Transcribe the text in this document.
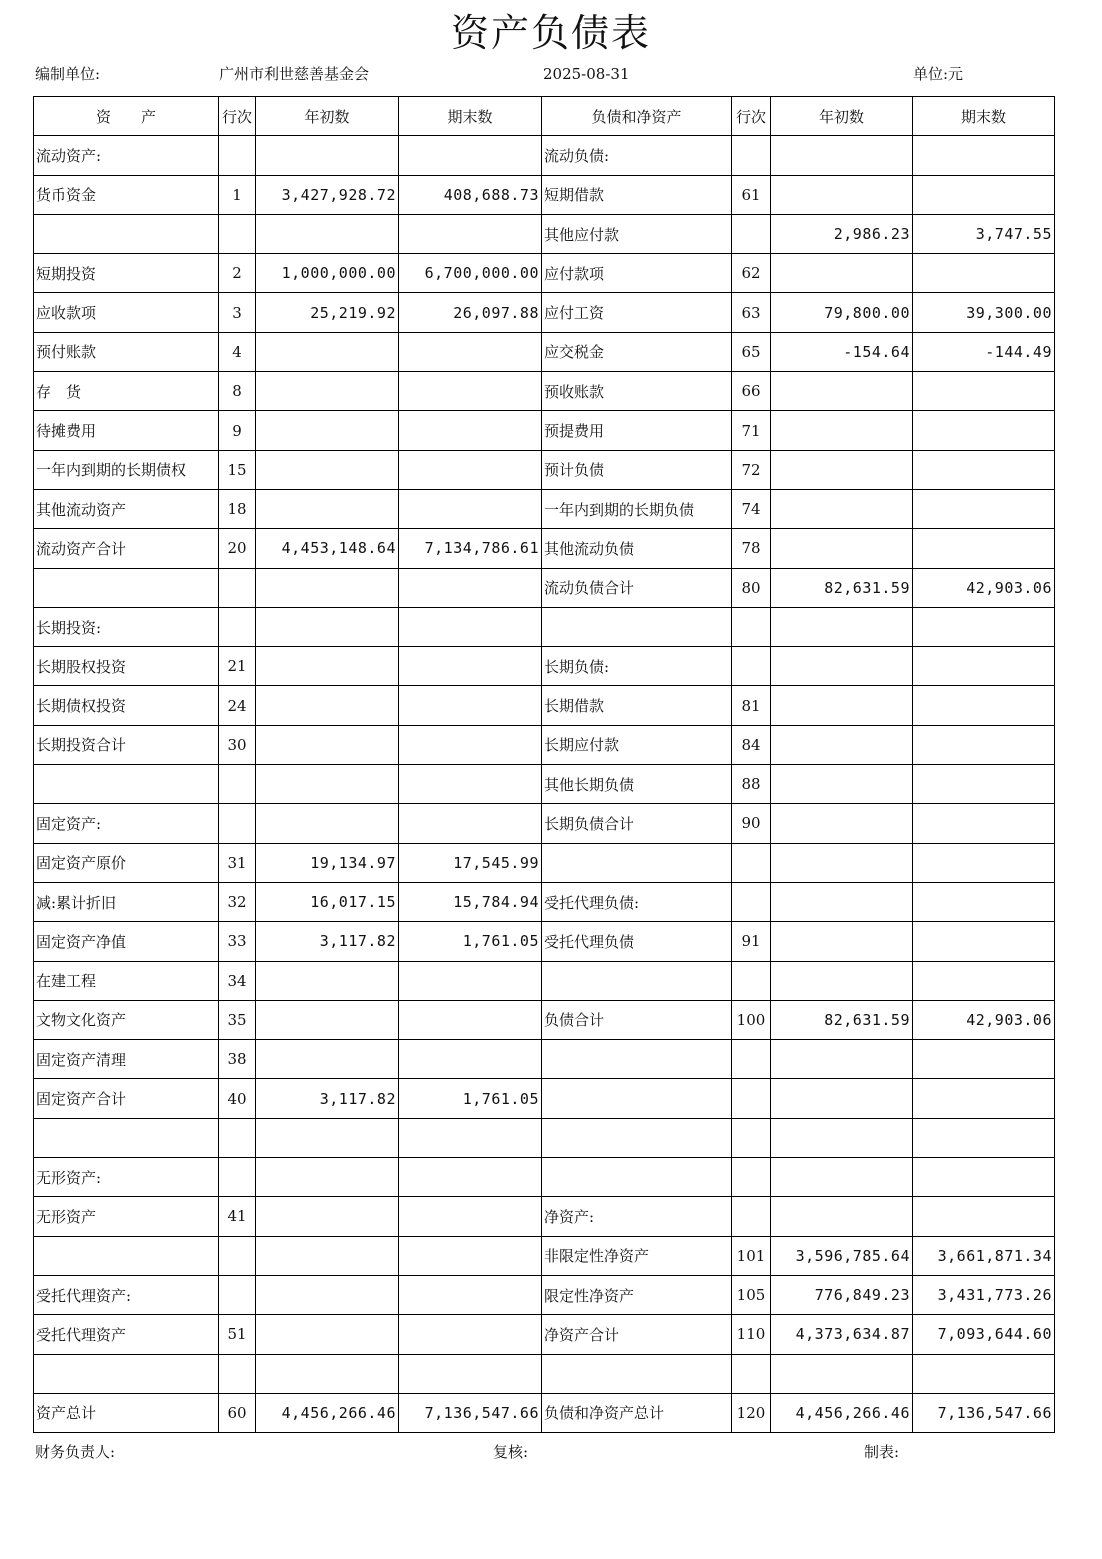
资产负债表
编制单位:	广州市利世慈善基金会	2025-08-31	单位:元
资　　产	行次	年初数	期末数	负债和净资产	行次	年初数	期末数
流动资产:				流动负债:			
货币资金	1	3,427,928.72	408,688.73	短期借款	61		
				其他应付款		2,986.23	3,747.55
短期投资	2	1,000,000.00	6,700,000.00	应付款项	62		
应收款项	3	25,219.92	26,097.88	应付工资	63	79,800.00	39,300.00
预付账款	4			应交税金	65	-154.64	-144.49
存　货	8			预收账款	66		
待摊费用	9			预提费用	71		
一年内到期的长期债权	15			预计负债	72		
其他流动资产	18			一年内到期的长期负债	74		
流动资产合计	20	4,453,148.64	7,134,786.61	其他流动负债	78		
				流动负债合计	80	82,631.59	42,903.06
长期投资:							
长期股权投资	21			长期负债:			
长期债权投资	24			长期借款	81		
长期投资合计	30			长期应付款	84		
				其他长期负债	88		
固定资产:				长期负债合计	90		
固定资产原价	31	19,134.97	17,545.99				
减:累计折旧	32	16,017.15	15,784.94	受托代理负债:			
固定资产净值	33	3,117.82	1,761.05	受托代理负债	91		
在建工程	34						
文物文化资产	35			负债合计	100	82,631.59	42,903.06
固定资产清理	38						
固定资产合计	40	3,117.82	1,761.05				

无形资产:							
无形资产	41			净资产:			
				非限定性净资产	101	3,596,785.64	3,661,871.34
受托代理资产:				限定性净资产	105	776,849.23	3,431,773.26
受托代理资产	51			净资产合计	110	4,373,634.87	7,093,644.60

资产总计	60	4,456,266.46	7,136,547.66	负债和净资产总计	120	4,456,266.46	7,136,547.66
财务负责人:	复核:	制表:
